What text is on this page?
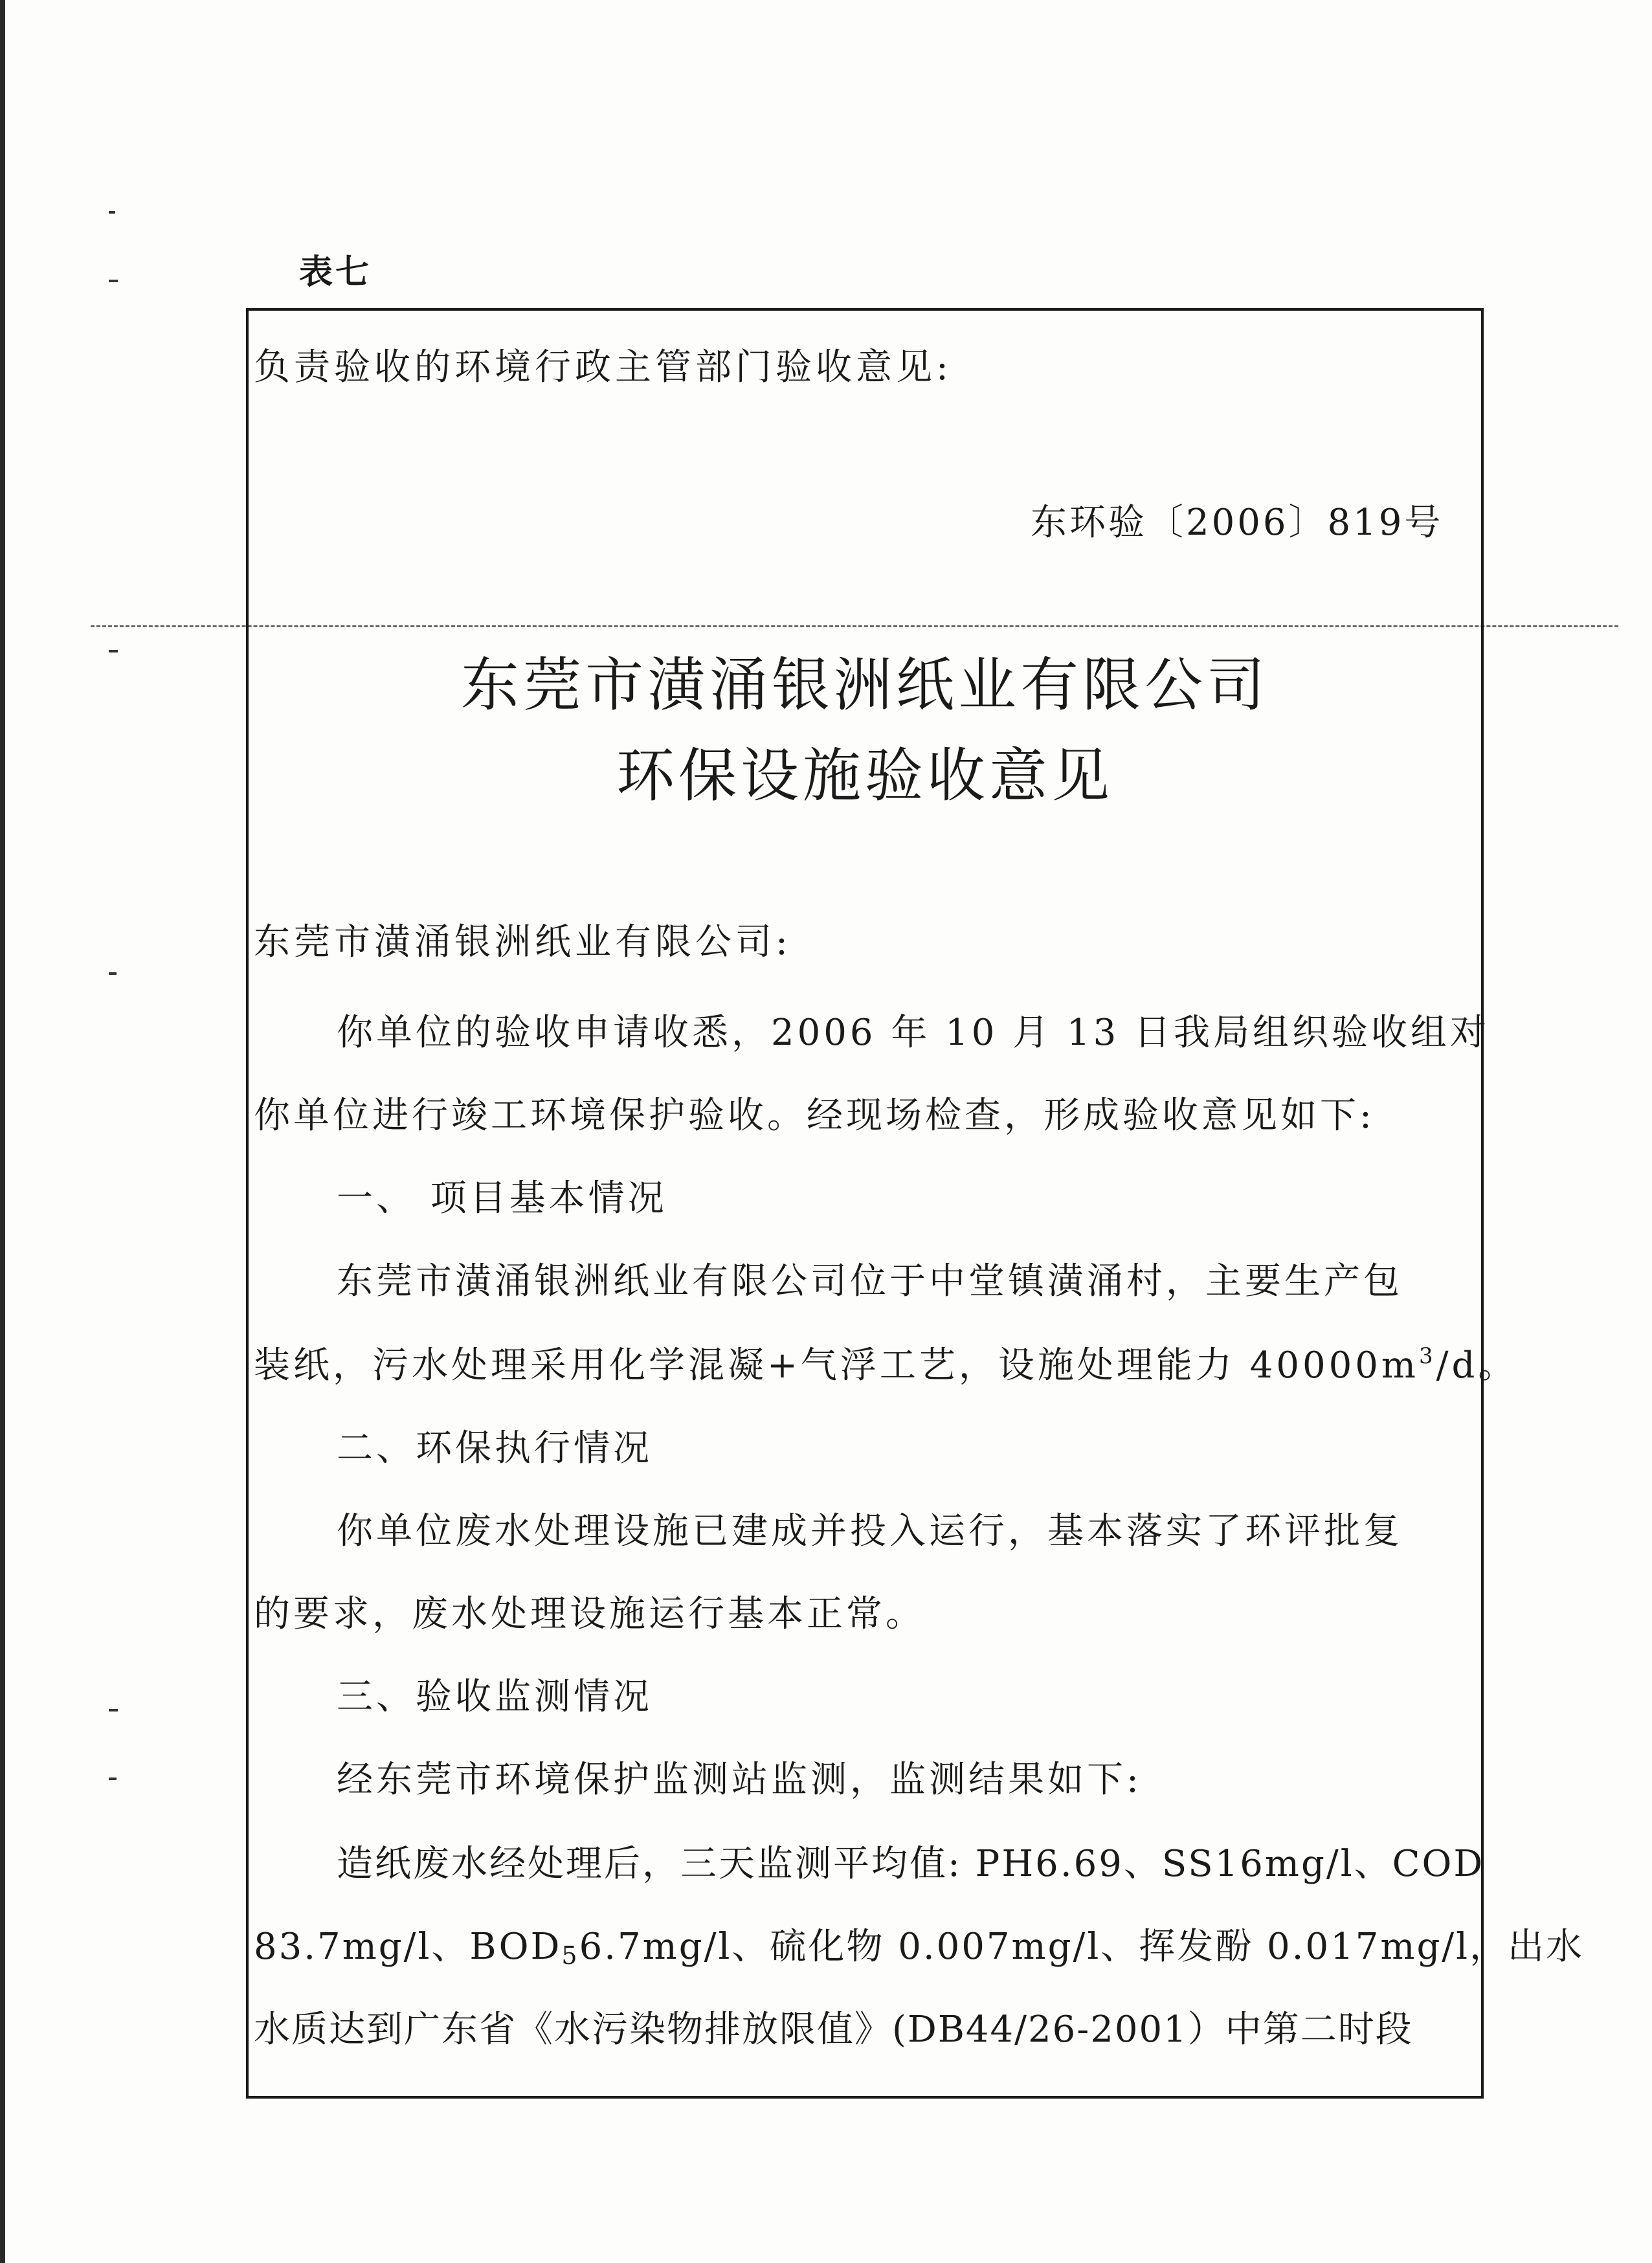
表七
负责验收的环境行政主管部门验收意见:
东环验〔2006〕819号
东莞市潢涌银洲纸业有限公司
环保设施验收意见
东莞市潢涌银洲纸业有限公司:
你单位的验收申请收悉，2006 年 10 月 13 日我局组织验收组对
你单位进行竣工环境保护验收。经现场检查，形成验收意见如下:
一、 项目基本情况
东莞市潢涌银洲纸业有限公司位于中堂镇潢涌村，主要生产包
装纸，污水处理采用化学混凝+气浮工艺，设施处理能力 $40000m^3/d$。
二、环保执行情况
你单位废水处理设施已建成并投入运行，基本落实了环评批复
的要求，废水处理设施运行基本正常。
三、验收监测情况
经东莞市环境保护监测站监测，监测结果如下:
造纸废水经处理后，三天监测平均值: PH6.69、SS16mg/l、COD
83.7mg/l、$BOD_56.7mg/l$、硫化物 0.007mg/l、挥发酚 0.017mg/l，出水
水质达到广东省《水污染物排放限值》(DB44/26-2001）中第二时段
